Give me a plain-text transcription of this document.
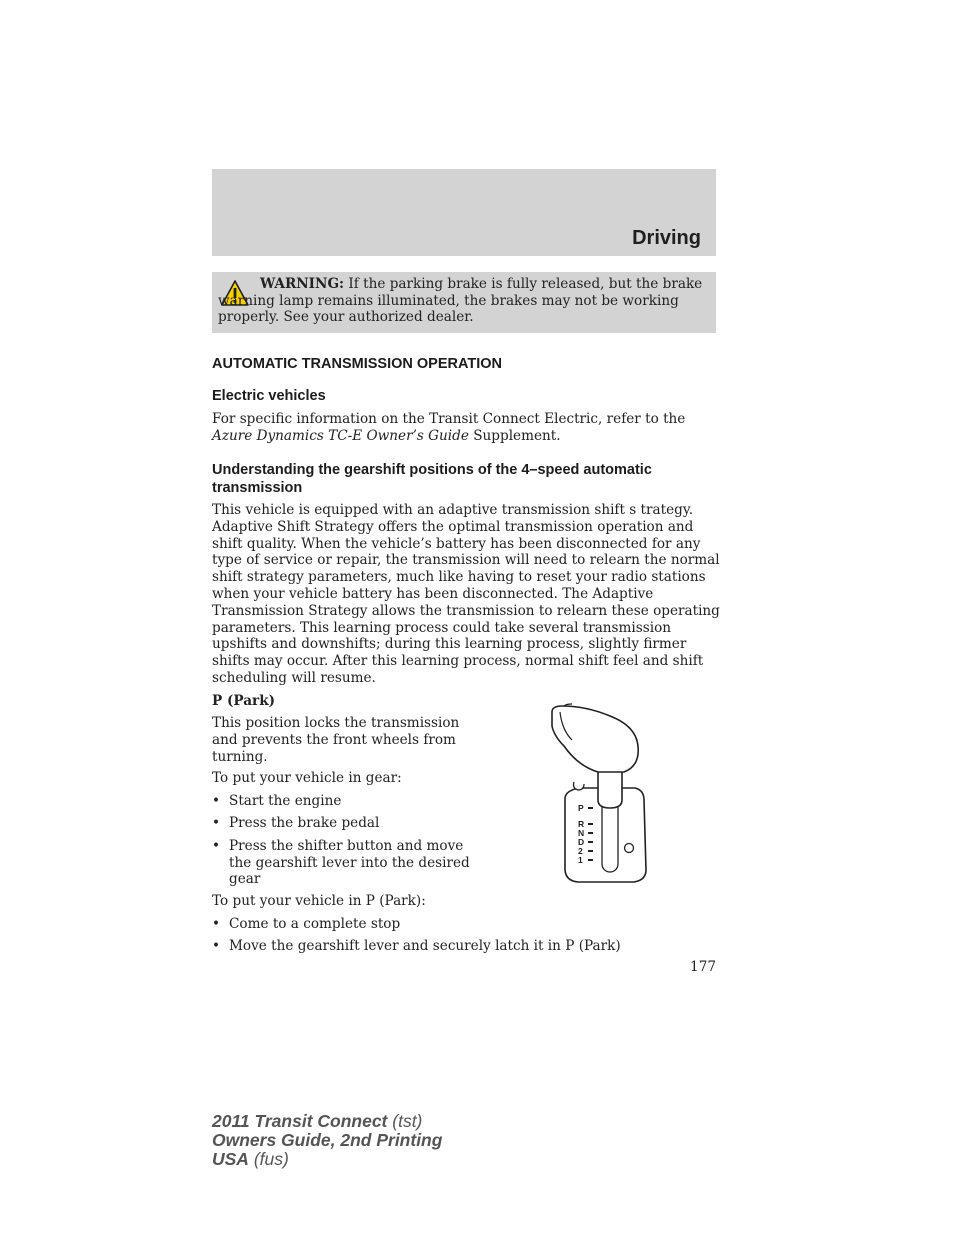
Driving
WARNING: If the parking brake is fully released, but the brake warning lamp remains illuminated, the brakes may not be working properly. See your authorized dealer.
AUTOMATIC TRANSMISSION OPERATION
Electric vehicles
For specific information on the Transit Connect Electric, refer to the
Azure Dynamics TC-E Owner’s Guide Supplement.
Understanding the gearshift positions of the 4–speed automatic transmission
This vehicle is equipped with an adaptive transmission shift s trategy.
Adaptive Shift Strategy offers the optimal transmission operation and
shift quality. When the vehicle’s battery has been disconnected for any
type of service or repair, the transmission will need to relearn the normal
shift strategy parameters, much like having to reset your radio stations
when your vehicle battery has been disconnected. The Adaptive
Transmission Strategy allows the transmission to relearn these operating
parameters. This learning process could take several transmission
upshifts and downshifts; during this learning process, slightly firmer
shifts may occur. After this learning process, normal shift feel and shift
scheduling will resume.
P (Park)
This position locks the transmission
and prevents the front wheels from
turning.
To put your vehicle in gear:
• Start the engine
• Press the brake pedal
• Press the shifter button and move the gearshift lever into the desired gear
To put your vehicle in P (Park):
• Come to a complete stop
• Move the gearshift lever and securely latch it in P (Park)
P
R
N
D
2
1
177
2011 Transit Connect (tst)
Owners Guide, 2nd Printing
USA (fus)
